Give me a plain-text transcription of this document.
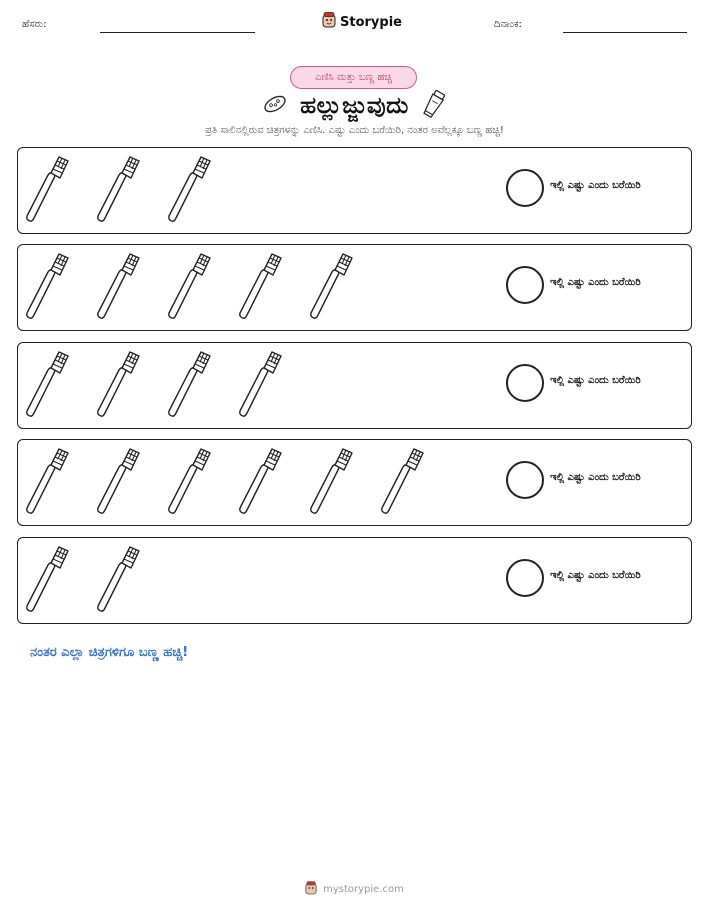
ಹೆಸರು:	Storypie	ದಿನಾಂಕ:
ಎಣಿಸಿ ಮತ್ತು ಬಣ್ಣ ಹಚ್ಚಿ
ಹಲ್ಲುಜ್ಜುವುದು
ಪ್ರತಿ ಸಾಲಿನಲ್ಲಿರುವ ಚಿತ್ರಗಳನ್ನು ಎಣಿಸಿ. ಎಷ್ಟು ಎಂದು ಬರೆಯಿರಿ, ನಂತರ ಅವೆಲ್ಲಕ್ಕೂ ಬಣ್ಣ ಹಚ್ಚಿ!
ಇಲ್ಲಿ ಎಷ್ಟು ಎಂದು ಬರೆಯಿರಿ
ಇಲ್ಲಿ ಎಷ್ಟು ಎಂದು ಬರೆಯಿರಿ
ಇಲ್ಲಿ ಎಷ್ಟು ಎಂದು ಬರೆಯಿರಿ
ಇಲ್ಲಿ ಎಷ್ಟು ಎಂದು ಬರೆಯಿರಿ
ಇಲ್ಲಿ ಎಷ್ಟು ಎಂದು ಬರೆಯಿರಿ
ನಂತರ ಎಲ್ಲಾ ಚಿತ್ರಗಳಿಗೂ ಬಣ್ಣ ಹಚ್ಚಿ!
mystorypie.com
